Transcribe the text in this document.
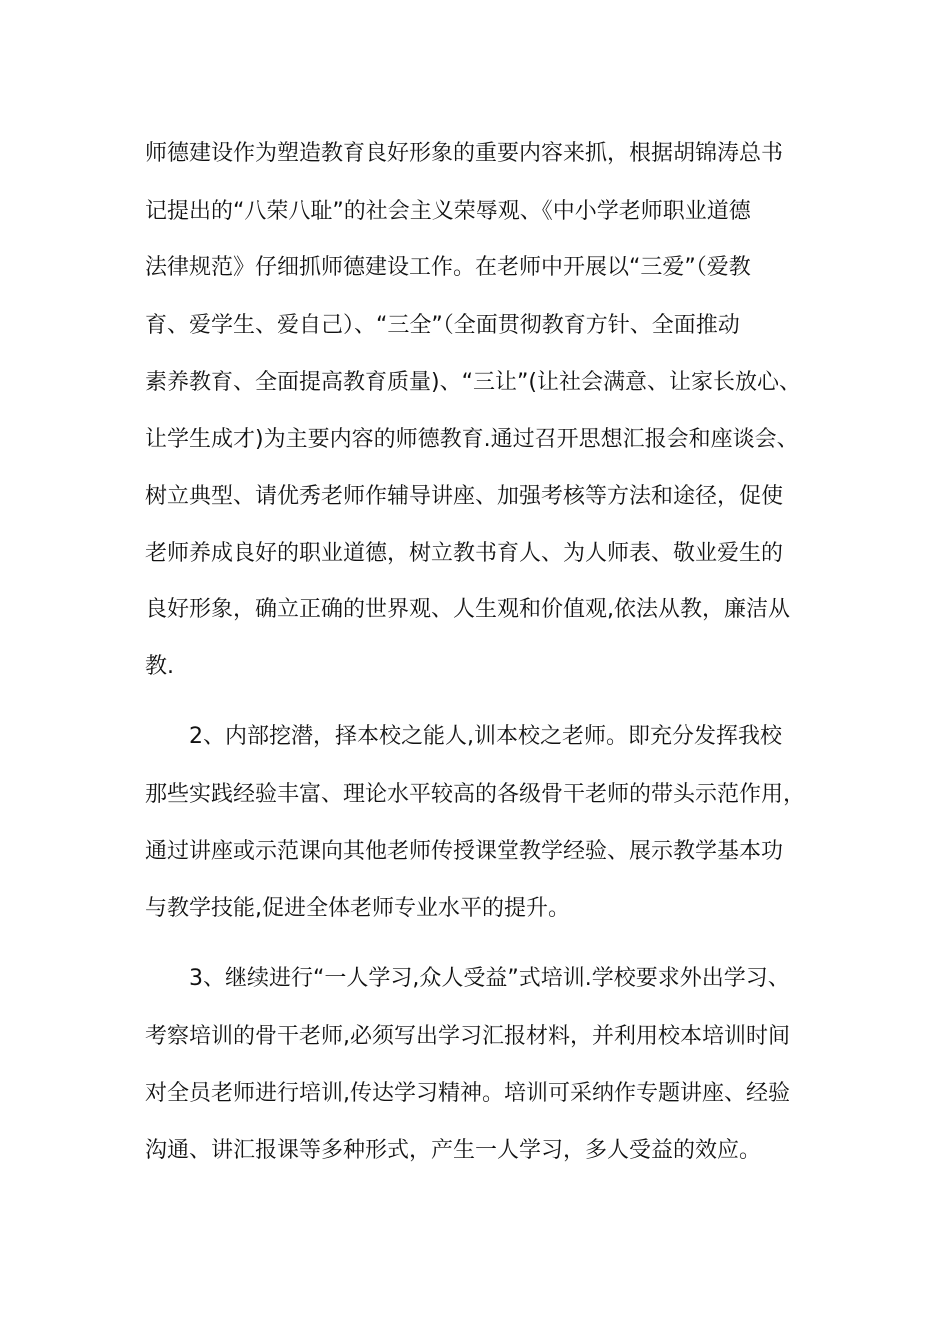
师德建设作为塑造教育良好形象的重要内容来抓，根据胡锦涛总书
记提出的“八荣八耻”的社会主义荣辱观、《中小学老师职业道德
法律规范》仔细抓师德建设工作。在老师中开展以“三爱”（爱教
育、爱学生、爱自己）、“三全”（全面贯彻教育方针、全面推动
素养教育、全面提高教育质量)、“三让”(让社会满意、让家长放心、
让学生成才)为主要内容的师德教育.通过召开思想汇报会和座谈会、
树立典型、请优秀老师作辅导讲座、加强考核等方法和途径，促使
老师养成良好的职业道德，树立教书育人、为人师表、敬业爱生的
良好形象，确立正确的世界观、人生观和价值观,依法从教，廉洁从
教.
2、内部挖潜，择本校之能人,训本校之老师。即充分发挥我校
那些实践经验丰富、理论水平较高的各级骨干老师的带头示范作用，
通过讲座或示范课向其他老师传授课堂教学经验、展示教学基本功
与教学技能,促进全体老师专业水平的提升。
3、继续进行“一人学习,众人受益”式培训.学校要求外出学习、
考察培训的骨干老师,必须写出学习汇报材料，并利用校本培训时间
对全员老师进行培训,传达学习精神。培训可采纳作专题讲座、经验
沟通、讲汇报课等多种形式，产生一人学习，多人受益的效应。
